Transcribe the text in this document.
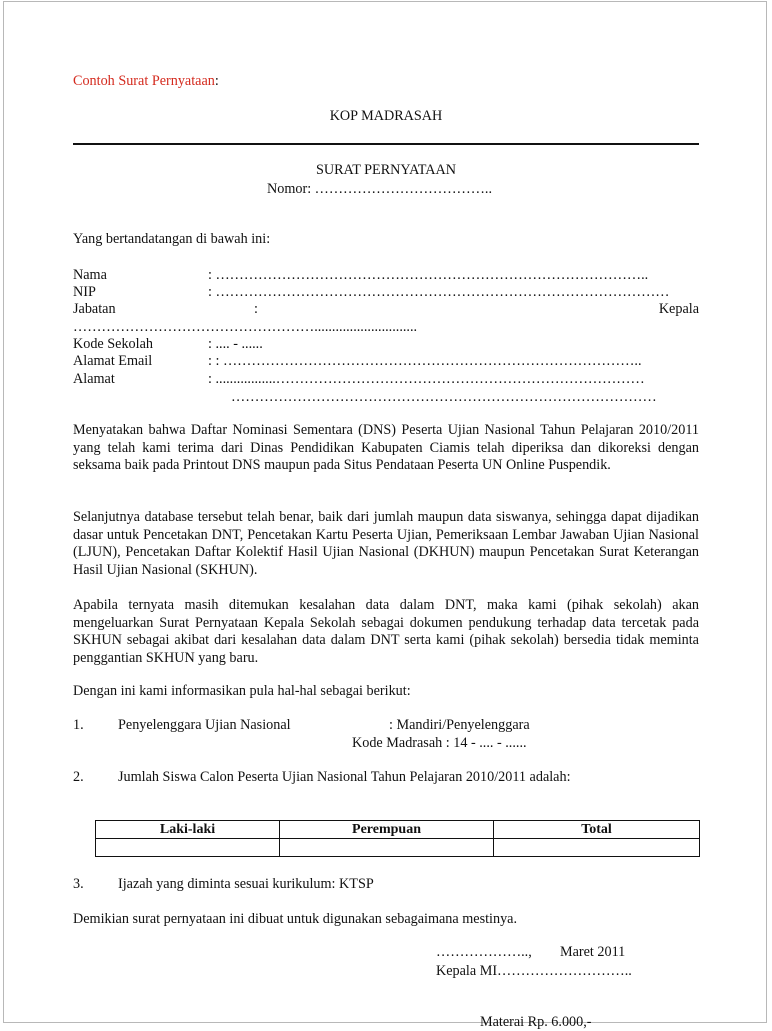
Contoh Surat Pernyataan:
KOP MADRASAH
SURAT PERNYATAAN
Nomor: ………………………………..
Yang bertandatangan di bawah ini:
Nama	: ………………………………………………………………………………..
NIP	: ……………………………………………………………………………………
Jabatan	:	Kepala
…………………………………………….............................
Kode Sekolah	: .... - ......
Alamat Email	: : ……………………………………………………………………………..
Alamat	: .................……………………………………………………………………
………………………………………………………………………………

Menyatakan bahwa Daftar Nominasi Sementara (DNS) Peserta Ujian Nasional Tahun Pelajaran 2010/2011 yang telah kami terima dari Dinas Pendidikan Kabupaten Ciamis telah diperiksa dan dikoreksi dengan seksama baik pada Printout DNS maupun pada Situs Pendataan Peserta UN Online Puspendik.

Selanjutnya database tersebut telah benar, baik dari jumlah maupun data siswanya, sehingga dapat dijadikan dasar untuk Pencetakan DNT, Pencetakan Kartu Peserta Ujian, Pemeriksaan Lembar Jawaban Ujian Nasional (LJUN), Pencetakan Daftar Kolektif Hasil Ujian Nasional (DKHUN) maupun Pencetakan Surat Keterangan Hasil Ujian Nasional (SKHUN).

Apabila ternyata masih ditemukan kesalahan data dalam DNT, maka kami (pihak sekolah) akan mengeluarkan Surat Pernyataan Kepala Sekolah sebagai dokumen pendukung terhadap data tercetak pada SKHUN sebagai akibat dari kesalahan data dalam DNT serta kami (pihak sekolah) bersedia tidak meminta penggantian SKHUN yang baru.

Dengan ini kami informasikan pula hal-hal sebagai berikut:
1. Penyelenggara Ujian Nasional	: Mandiri/Penyelenggara
Kode Madrasah : 14 - .... - ......
2. Jumlah Siswa Calon Peserta Ujian Nasional Tahun Pelajaran 2010/2011 adalah:
Laki-laki	Perempuan	Total

3. Ijazah yang diminta sesuai kurikulum: KTSP
Demikian surat pernyataan ini dibuat untuk digunakan sebagaimana mestinya.
……………….., Maret 2011
Kepala MI………………………..
Materai Rp. 6.000,-
